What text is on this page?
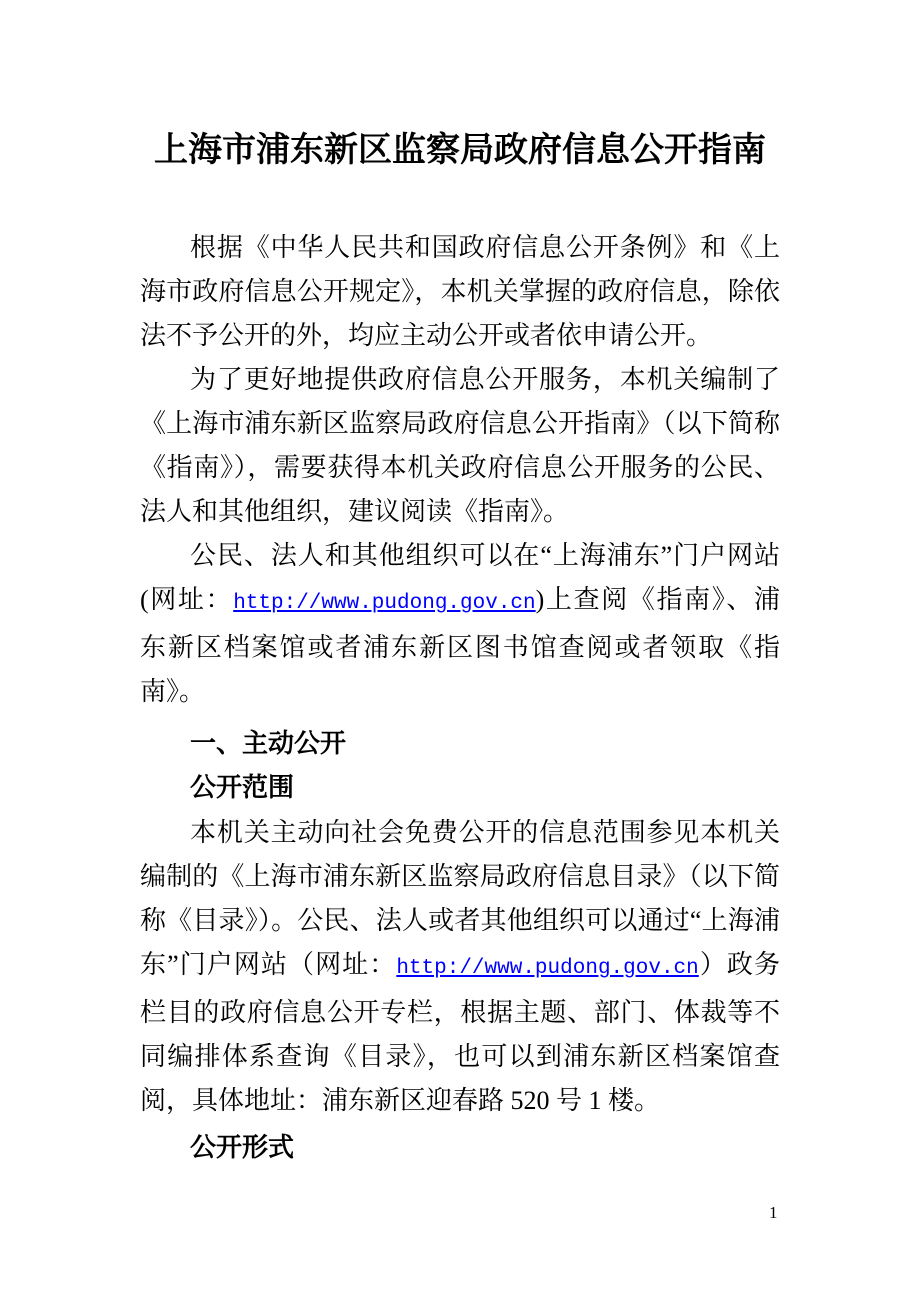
上海市浦东新区监察局政府信息公开指南

根据《中华人民共和国政府信息公开条例》和《上海市政府信息公开规定》，本机关掌握的政府信息，除依法不予公开的外，均应主动公开或者依申请公开。

为了更好地提供政府信息公开服务，本机关编制了《上海市浦东新区监察局政府信息公开指南》（以下简称《指南》），需要获得本机关政府信息公开服务的公民、法人和其他组织，建议阅读《指南》。

公民、法人和其他组织可以在“上海浦东”门户网站(网址：http://www.pudong.gov.cn)上查阅《指南》、浦东新区档案馆或者浦东新区图书馆查阅或者领取《指南》。

一、主动公开
公开范围

本机关主动向社会免费公开的信息范围参见本机关编制的《上海市浦东新区监察局政府信息目录》（以下简称《目录》）。公民、法人或者其他组织可以通过“上海浦东”门户网站（网址：http://www.pudong.gov.cn）政务栏目的政府信息公开专栏，根据主题、部门、体裁等不同编排体系查询《目录》，也可以到浦东新区档案馆查阅，具体地址：浦东新区迎春路 520 号 1 楼。

公开形式
1
